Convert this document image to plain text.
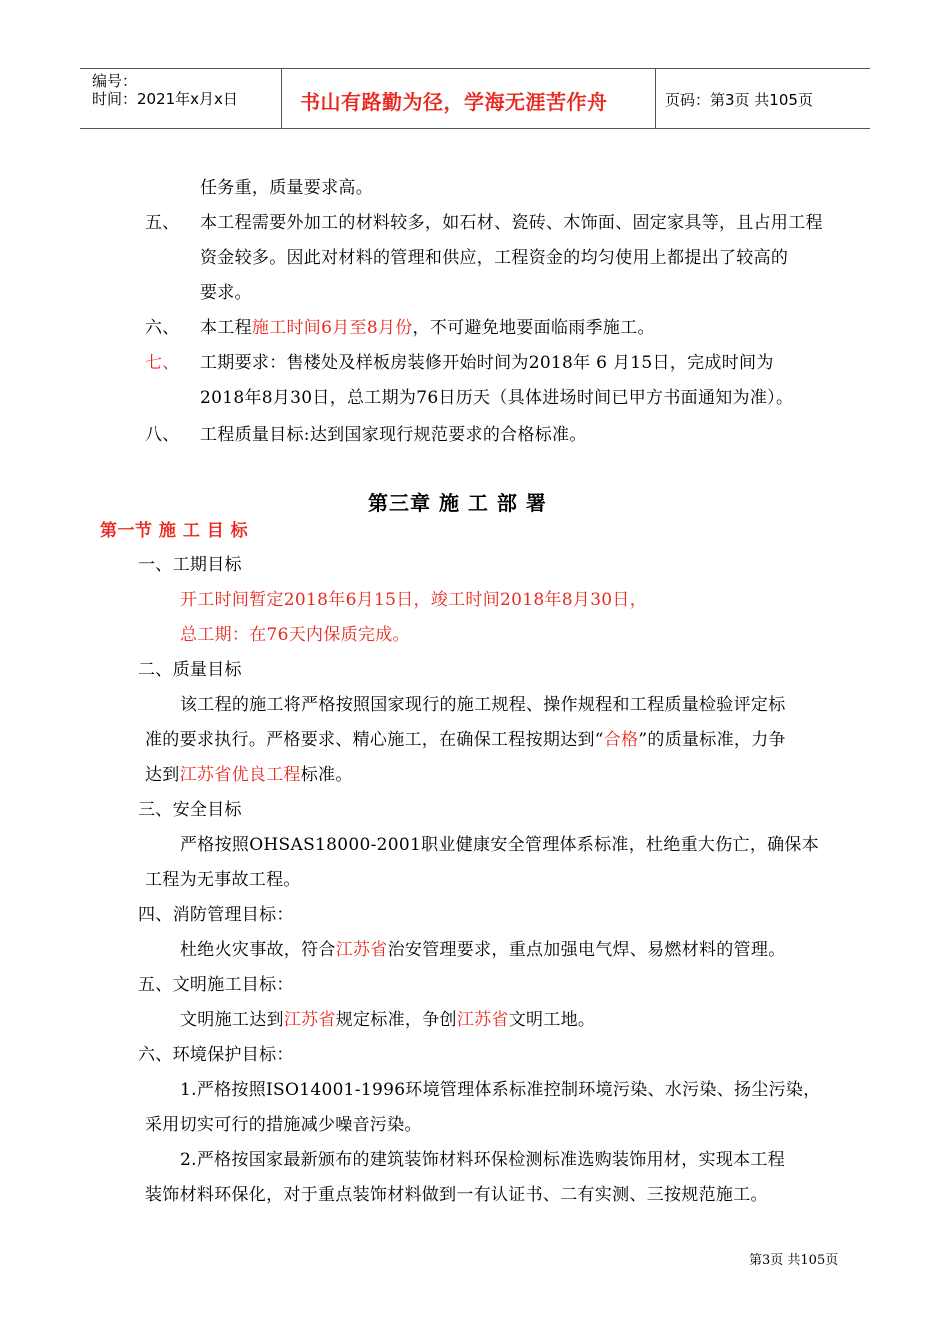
编号：
时间：2021年x月x日	书山有路勤为径，学海无涯苦作舟	页码：第3页 共105页
任务重，质量要求高。
五、 本工程需要外加工的材料较多，如石材、瓷砖、木饰面、固定家具等，且占用工程
资金较多。因此对材料的管理和供应，工程资金的均匀使用上都提出了较高的
要求。
六、 本工程施工时间6月至8月份，不可避免地要面临雨季施工。
七、 工期要求：售楼处及样板房装修开始时间为2018年 6 月15日，完成时间为
2018年8月30日，总工期为76日历天（具体进场时间已甲方书面通知为准）。
八、 工程质量目标:达到国家现行规范要求的合格标准。
第三章 施 工 部 署
第一节 施 工 目 标
一、工期目标
开工时间暂定2018年6月15日，竣工时间2018年8月30日，
总工期：在76天内保质完成。
二、质量目标
该工程的施工将严格按照国家现行的施工规程、操作规程和工程质量检验评定标
准的要求执行。严格要求、精心施工，在确保工程按期达到“合格”的质量标准，力争
达到江苏省优良工程标准。
三、安全目标
严格按照OHSAS18000-2001职业健康安全管理体系标准，杜绝重大伤亡，确保本
工程为无事故工程。
四、消防管理目标：
杜绝火灾事故，符合江苏省治安管理要求，重点加强电气焊、易燃材料的管理。
五、文明施工目标：
文明施工达到江苏省规定标准，争创江苏省文明工地。
六、环境保护目标：
1.严格按照ISO14001-1996环境管理体系标准控制环境污染、水污染、扬尘污染，
采用切实可行的措施减少噪音污染。
2.严格按国家最新颁布的建筑装饰材料环保检测标准选购装饰用材，实现本工程
装饰材料环保化，对于重点装饰材料做到一有认证书、二有实测、三按规范施工。
第3页 共105页
